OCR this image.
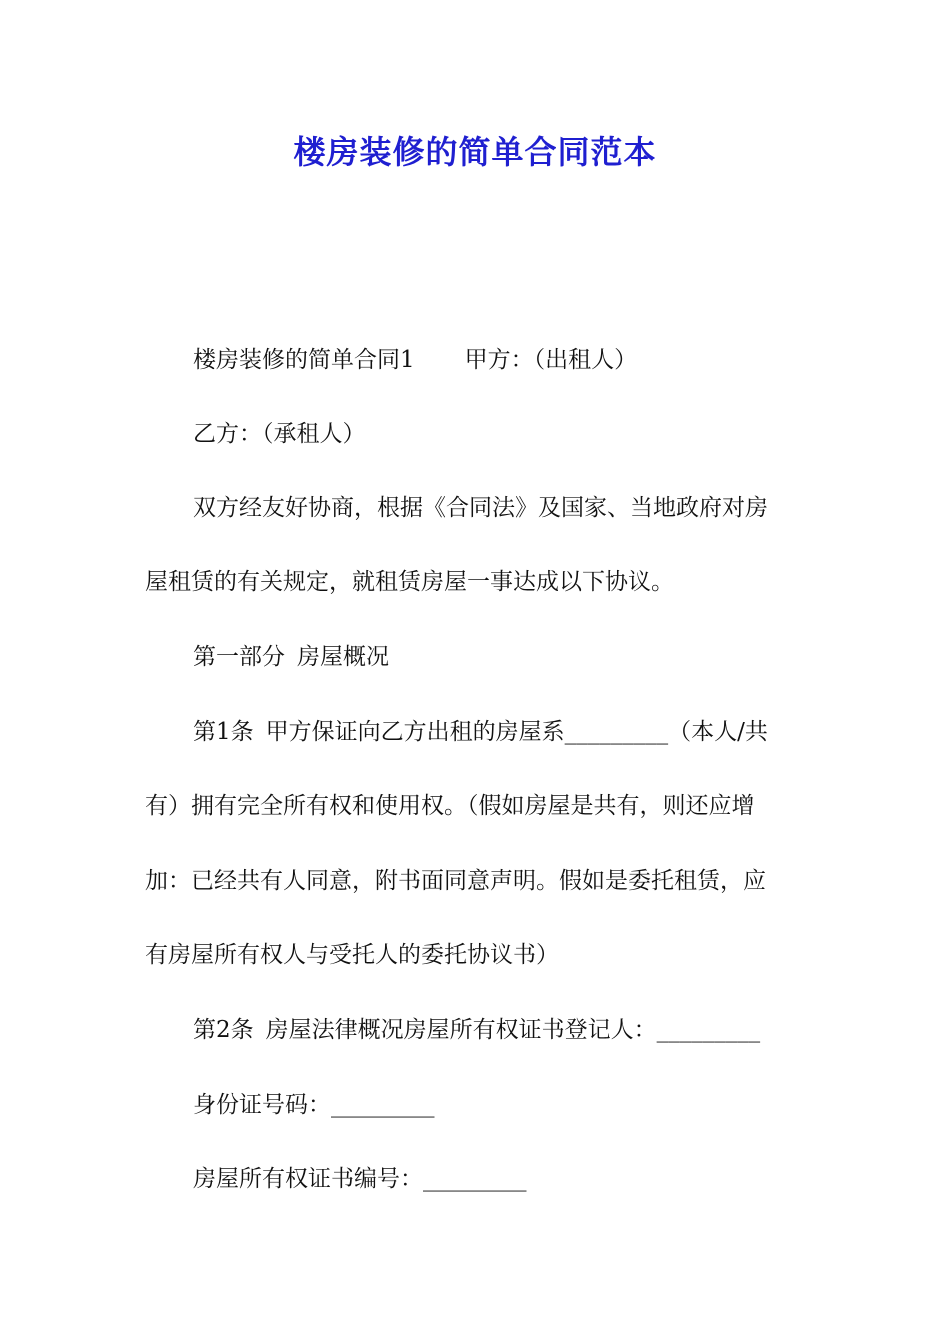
楼房装修的简单合同范本
楼房装修的简单合同1 甲方：（出租人）
乙方：（承租人）
双方经友好协商，根据《合同法》及国家、当地政府对房
屋租赁的有关规定，就租赁房屋一事达成以下协议。
第一部分 房屋概况
第1条 甲方保证向乙方出租的房屋系_________（本人/共
有）拥有完全所有权和使用权。（假如房屋是共有，则还应增
加：已经共有人同意，附书面同意声明。假如是委托租赁，应
有房屋所有权人与受托人的委托协议书）
第2条 房屋法律概况房屋所有权证书登记人：_________
身份证号码：_________
房屋所有权证书编号：_________
